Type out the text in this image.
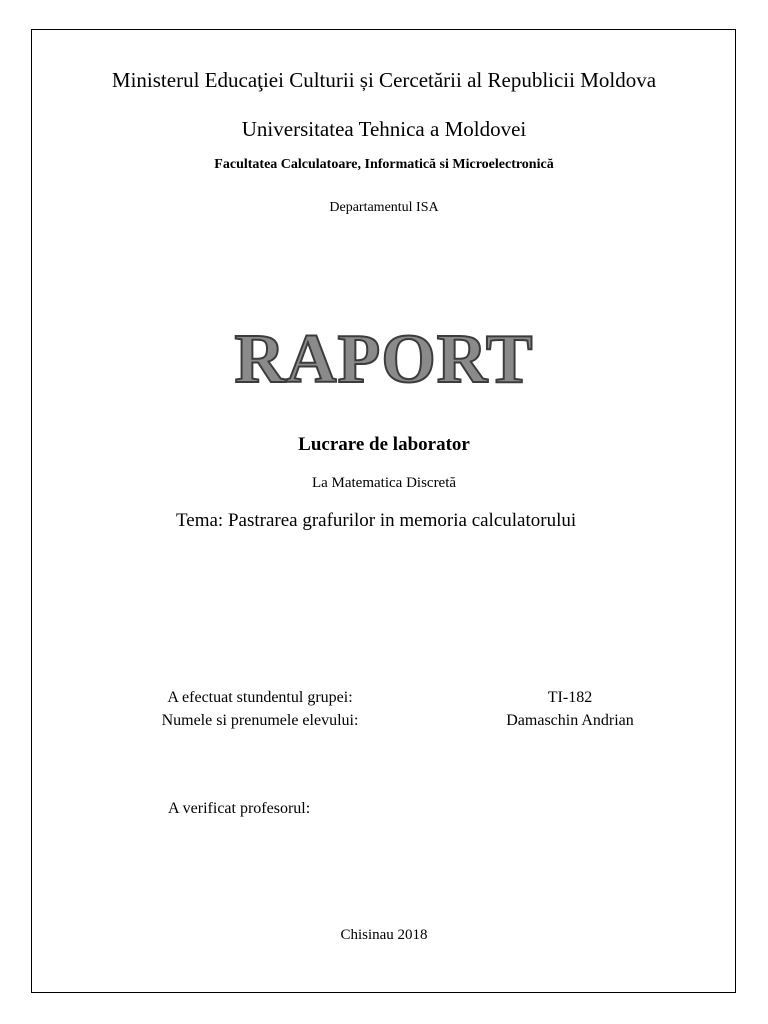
Ministerul Educaţiei Culturii și Cercetării al Republicii Moldova
Universitatea Tehnica a Moldovei
Facultatea Calculatoare, Informatică si Microelectronică
Departamentul ISA
RAPORT
Lucrare de laborator
La Matematica Discretă
Tema: Pastrarea grafurilor in memoria calculatorului
A efectuat stundentul grupei:	TI-182
Numele si prenumele elevului:	Damaschin Andrian
A verificat profesorul:
Chisinau 2018
